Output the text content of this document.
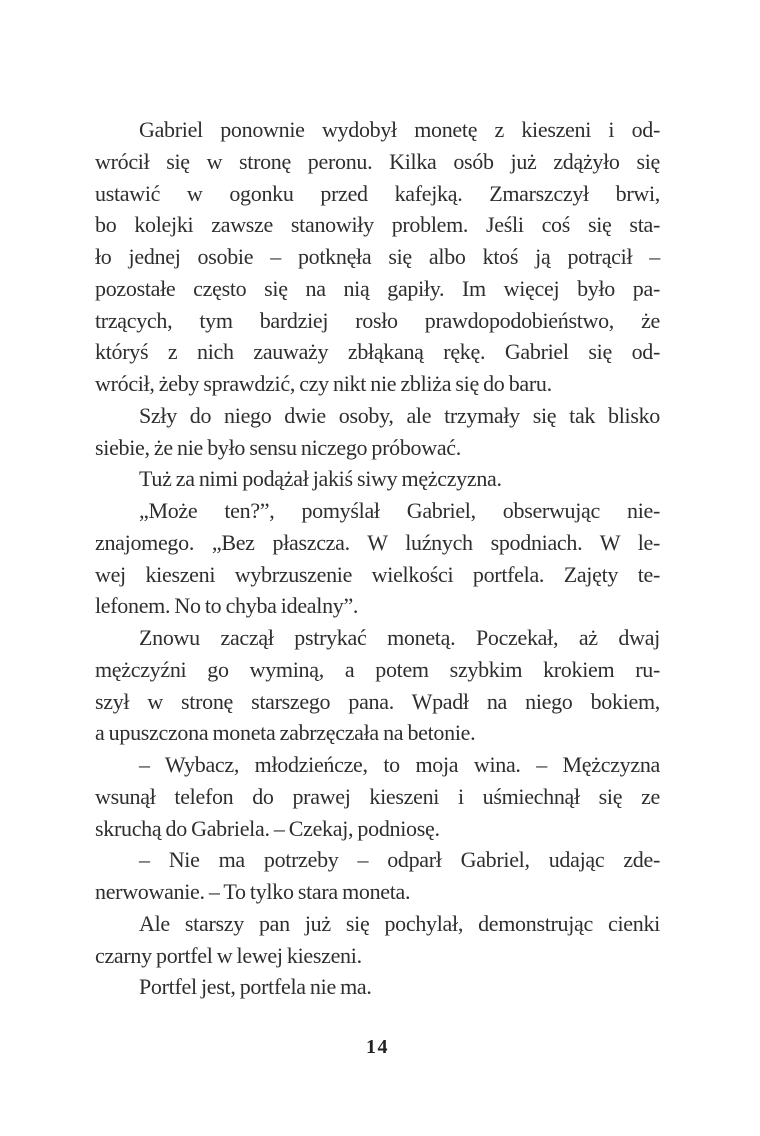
Gabriel ponownie wydobył monetę z kieszeni i od-
wrócił się w stronę peronu. Kilka osób już zdążyło się
ustawić w ogonku przed kafejką. Zmarszczył brwi,
bo kolejki zawsze stanowiły problem. Jeśli coś się sta-
ło jednej osobie – potknęła się albo ktoś ją potrącił –
pozostałe często się na nią gapiły. Im więcej było pa-
trzących, tym bardziej rosło prawdopodobieństwo, że
któryś z nich zauważy zbłąkaną rękę. Gabriel się od-
wrócił, żeby sprawdzić, czy nikt nie zbliża się do baru.
Szły do niego dwie osoby, ale trzymały się tak blisko
siebie, że nie było sensu niczego próbować.
Tuż za nimi podążał jakiś siwy mężczyzna.
„Może ten?”, pomyślał Gabriel, obserwując nie-
znajomego. „Bez płaszcza. W luźnych spodniach. W le-
wej kieszeni wybrzuszenie wielkości portfela. Zajęty te-
lefonem. No to chyba idealny”.
Znowu zaczął pstrykać monetą. Poczekał, aż dwaj
mężczyźni go wyminą, a potem szybkim krokiem ru-
szył w stronę starszego pana. Wpadł na niego bokiem,
a upuszczona moneta zabrzęczała na betonie.
– Wybacz, młodzieńcze, to moja wina. – Mężczyzna
wsunął telefon do prawej kieszeni i uśmiechnął się ze
skruchą do Gabriela. – Czekaj, podniosę.
– Nie ma potrzeby – odparł Gabriel, udając zde-
nerwowanie. – To tylko stara moneta.
Ale starszy pan już się pochylał, demonstrując cienki
czarny portfel w lewej kieszeni.
Portfel jest, portfela nie ma.
14
